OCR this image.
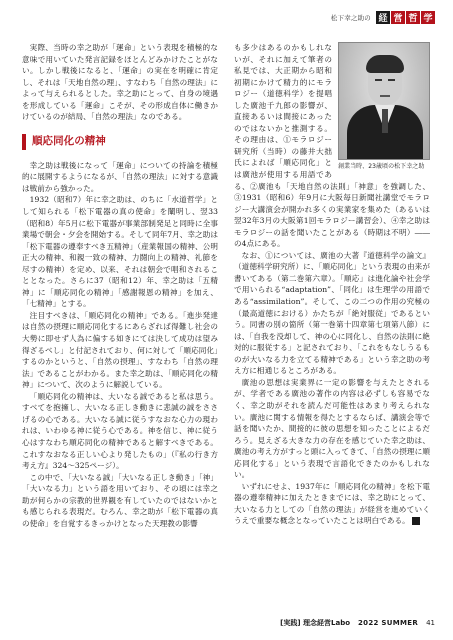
松下幸之助の 経 営 哲 学

実際、当時の幸之助が「運命」という表現を積極的な意味で用いていた発言記録をほとんどみかけたことがない。しかし戦後になると、「運命」の実在を明確に肯定し、それは「天地自然の理」、すなわち「自然の理法」によって与えられるとした。幸之助にとって、自身の境遇を形成している「運命」こそが、その形成自体に働きかけているのが結局、「自然の理法」なのである。

順応同化の精神

幸之助は戦後になって「運命」についての持論を積極的に展開するようになるが、「自然の理法」に対する意識は戦前から強かった。

1932（昭和7）年に幸之助は、のちに「水道哲学」として知られる「松下電器の真の使命」を闡明し、翌33（昭和8）年5月に松下電器が事業部制発足と同時に全事業場で朝会・夕会を開始する。そして同年7月、幸之助は「松下電器の遵奉すべき五精神」（産業報国の精神、公明正大の精神、和親一致の精神、力闘向上の精神、礼節を尽すの精神）を定め、以来、それは朝会で唱和されることとなった。さらに37（昭和12）年、幸之助は「五精神」に「順応同化の精神」「感謝報恩の精神」を加え、「七精神」とする。

注目すべきは、「順応同化の精神」である。「進歩発達は自然の摂理に順応同化するにあらざれば得難し社会の大勢に即せず人為に偏する如きにては決して成功は望み得ざるべし」と付記されており、何に対して「順応同化」するのかというと、「自然の摂理」、すなわち「自然の理法」であることがわかる。また幸之助は、「順応同化の精神」について、次のように解説している。

「順応同化の精神は、大いなる誠であると私は思う。すべてを抱擁し、大いなる正しき動きに悲誠の誠をささげるの心である。大いなる誠に従うすなおな心力の現われは、いわゆる神に従う心である。神を信じ、神に従う心はすなわち順応同化の精神であると解すべきである。これすなおなる正しい心より発したもの」（『私の行き方 考え方』324～325ページ）。

この中で、「大いなる誠」「大いなる正しき動き」「神」「大いなる力」という語を用いており、その頃には幸之助が何らかの宗教的世界観を有していたのではないかとも感じられる表現だ。むろん、幸之助が「松下電器の真の使命」を自覚するきっかけとなった天理教の影響

創業当時、23歳頃の松下幸之助

も多少はあるのかもしれないが、それに加えて筆者の私見では、大正期から昭和初期にかけて精力的にモラロジー（道徳科学）を提唱した廣池千九郎の影響が、直接あるいは間接にあったのではないかと推測する。その理由は、①モラロジー研究所（当時）の藤井大拙氏によれば「順応同化」とは廣池が使用する用語である、②廣池も「天地自然の法則」「神意」を強調した、③1931（昭和6）年9月に大阪毎日新聞社講堂でモラロジー大講演会が開かれ多くの実業家を集めた（あるいは翌32年3月の大阪第1回モラロジー講習会）、④幸之助はモラロジーの話を聞いたことがある（時期は不明）――の4点にある。

なお、①については、廣池の大著『道徳科学の論文』（道徳科学研究所）に、「順応同化」という表現の由来が書いてある（第二巻第六章）。「順応」は進化論や社会学で用いられる“adaptation”、「同化」は生理学の用語である“assimilation”。そして、この二つの作用の究極の（最高道徳における）かたちが「絶対服従」であるという。同書の別の箇所（第一巻第十四章第七項第八節）には、「自我を没却して、神の心に同化し、自然の法則に絶対的に服従する」と記されており、「これをもなしうるものが大いなる力を立てる精神である」という幸之助の考え方に相通じるところがある。

廣池の思想は実業界に一定の影響を与えたとされるが、学者である廣池の著作の内容は必ずしも容易でなく、幸之助がそれを読んだ可能性はあまり考えられない。廣池に関する情報を得たとするならば、講演会等で話を聞いたか、間接的に彼の思想を知ったことによるだろう。見えざる大きな力の存在を感じていた幸之助は、廣池の考え方がすっと頭に入ってきて、「自然の摂理に順応同化する」という表現で言語化できたのかもしれない。

いずれにせよ、1937年に「順応同化の精神」を松下電器の遵奉精神に加えたときまでには、幸之助にとって、大いなる力としての「自然の理法」が経営を進めていくうえで重要な概念となっていたことは明白である。 L

[実践] 理念経営Labo 2022 SUMMER 41
